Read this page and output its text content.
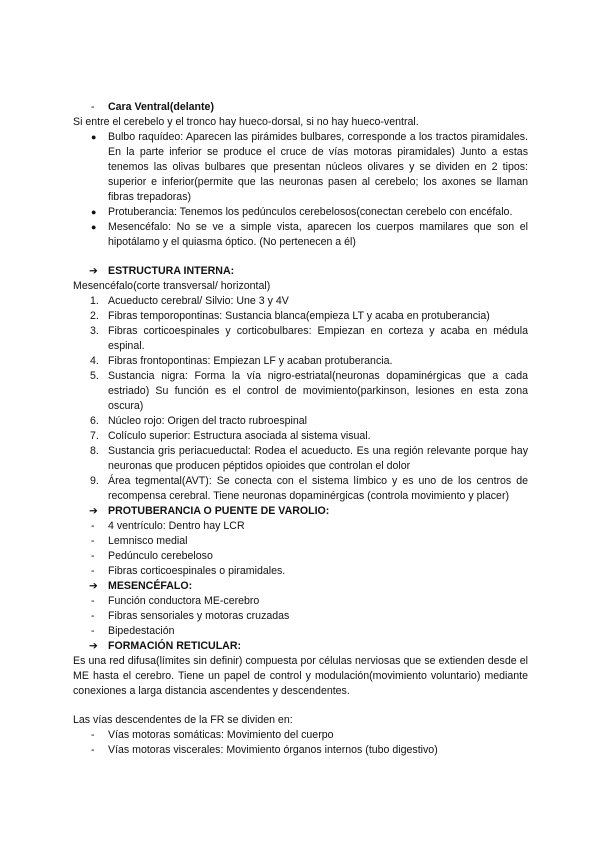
-	Cara Ventral(delante)

Si entre el cerebelo y el tronco hay hueco-dorsal, si no hay hueco-ventral.

●	Bulbo raquídeo: Aparecen las pirámides bulbares, corresponde a los tractos piramidales. En la parte inferior se produce el cruce de vías motoras piramidales) Junto a estas tenemos las olivas bulbares que presentan núcleos olivares y se dividen en 2 tipos: superior e inferior(permite que las neuronas pasen al cerebelo; los axones se llaman fibras trepadoras)
●	Protuberancia: Tenemos los pedúnculos cerebelosos(conectan cerebelo con encéfalo.
●	Mesencéfalo: No se ve a simple vista, aparecen los cuerpos mamilares que son el hipotálamo y el quiasma óptico. (No pertenecen a él)
➔ ESTRUCTURA INTERNA:

Mesencéfalo(corte transversal/ horizontal)

1. Acueducto cerebral/ Silvio: Une 3 y 4V
2. Fibras temporopontinas: Sustancia blanca(empieza LT y acaba en protuberancia)
3. Fibras corticoespinales y corticobulbares: Empiezan en corteza y acaba en médula espinal.
4. Fibras frontopontinas: Empiezan LF y acaban protuberancia.
5. Sustancia nigra: Forma la vía nigro-estriatal(neuronas dopaminérgicas que a cada estriado) Su función es el control de movimiento(parkinson, lesiones en esta zona oscura)
6. Núcleo rojo: Origen del tracto rubroespinal
7. Colículo superior: Estructura asociada al sistema visual.
8. Sustancia gris periacueductal: Rodea el acueducto. Es una región relevante porque hay neuronas que producen péptidos opioides que controlan el dolor
9. Área tegmental(AVT): Se conecta con el sistema límbico y es uno de los centros de recompensa cerebral. Tiene neuronas dopaminérgicas (controla movimiento y placer)
➔ PROTUBERANCIA O PUENTE DE VAROLIO:
-	4 ventrículo: Dentro hay LCR
-	Lemnisco medial
-	Pedúnculo cerebeloso
-	Fibras corticoespinales o piramidales.
➔ MESENCÉFALO:
-	Función conductora ME-cerebro
-	Fibras sensoriales y motoras cruzadas
-	Bipedestación
➔ FORMACIÓN RETICULAR:

Es una red difusa(límites sin definir) compuesta por células nerviosas que se extienden desde el ME hasta el cerebro. Tiene un papel de control y modulación(movimiento voluntario) mediante conexiones a larga distancia ascendentes y descendentes.

Las vías descendentes de la FR se dividen en:

-	Vías motoras somáticas: Movimiento del cuerpo
-	Vías motoras viscerales: Movimiento órganos internos (tubo digestivo)
